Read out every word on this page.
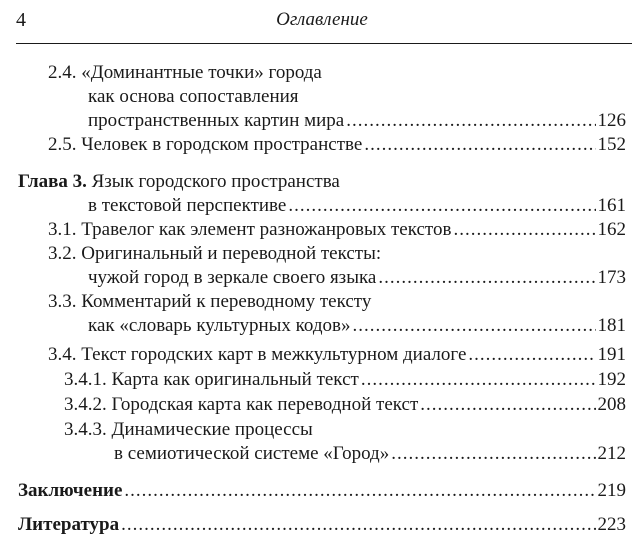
4	Оглавление
2.4. «Доминантные точки» города
как основа сопоставления
пространственных картин мира .....	126
2.5. Человек в городском пространстве .....	152
Глава 3. Язык городского пространства
в текстовой перспективе .....	161
3.1. Травелог как элемент разножанровых текстов .....	162
3.2. Оригинальный и переводной тексты:
чужой город в зеркале своего языка .....	173
3.3. Комментарий к переводному тексту
как «словарь культурных кодов» .....	181
3.4. Текст городских карт в межкультурном диалоге .....	191
3.4.1. Карта как оригинальный текст .....	192
3.4.2. Городская карта как переводной текст .....	208
3.4.3. Динамические процессы
в семиотической системе «Город» .....	212
Заключение .....	219
Литература .....	223
